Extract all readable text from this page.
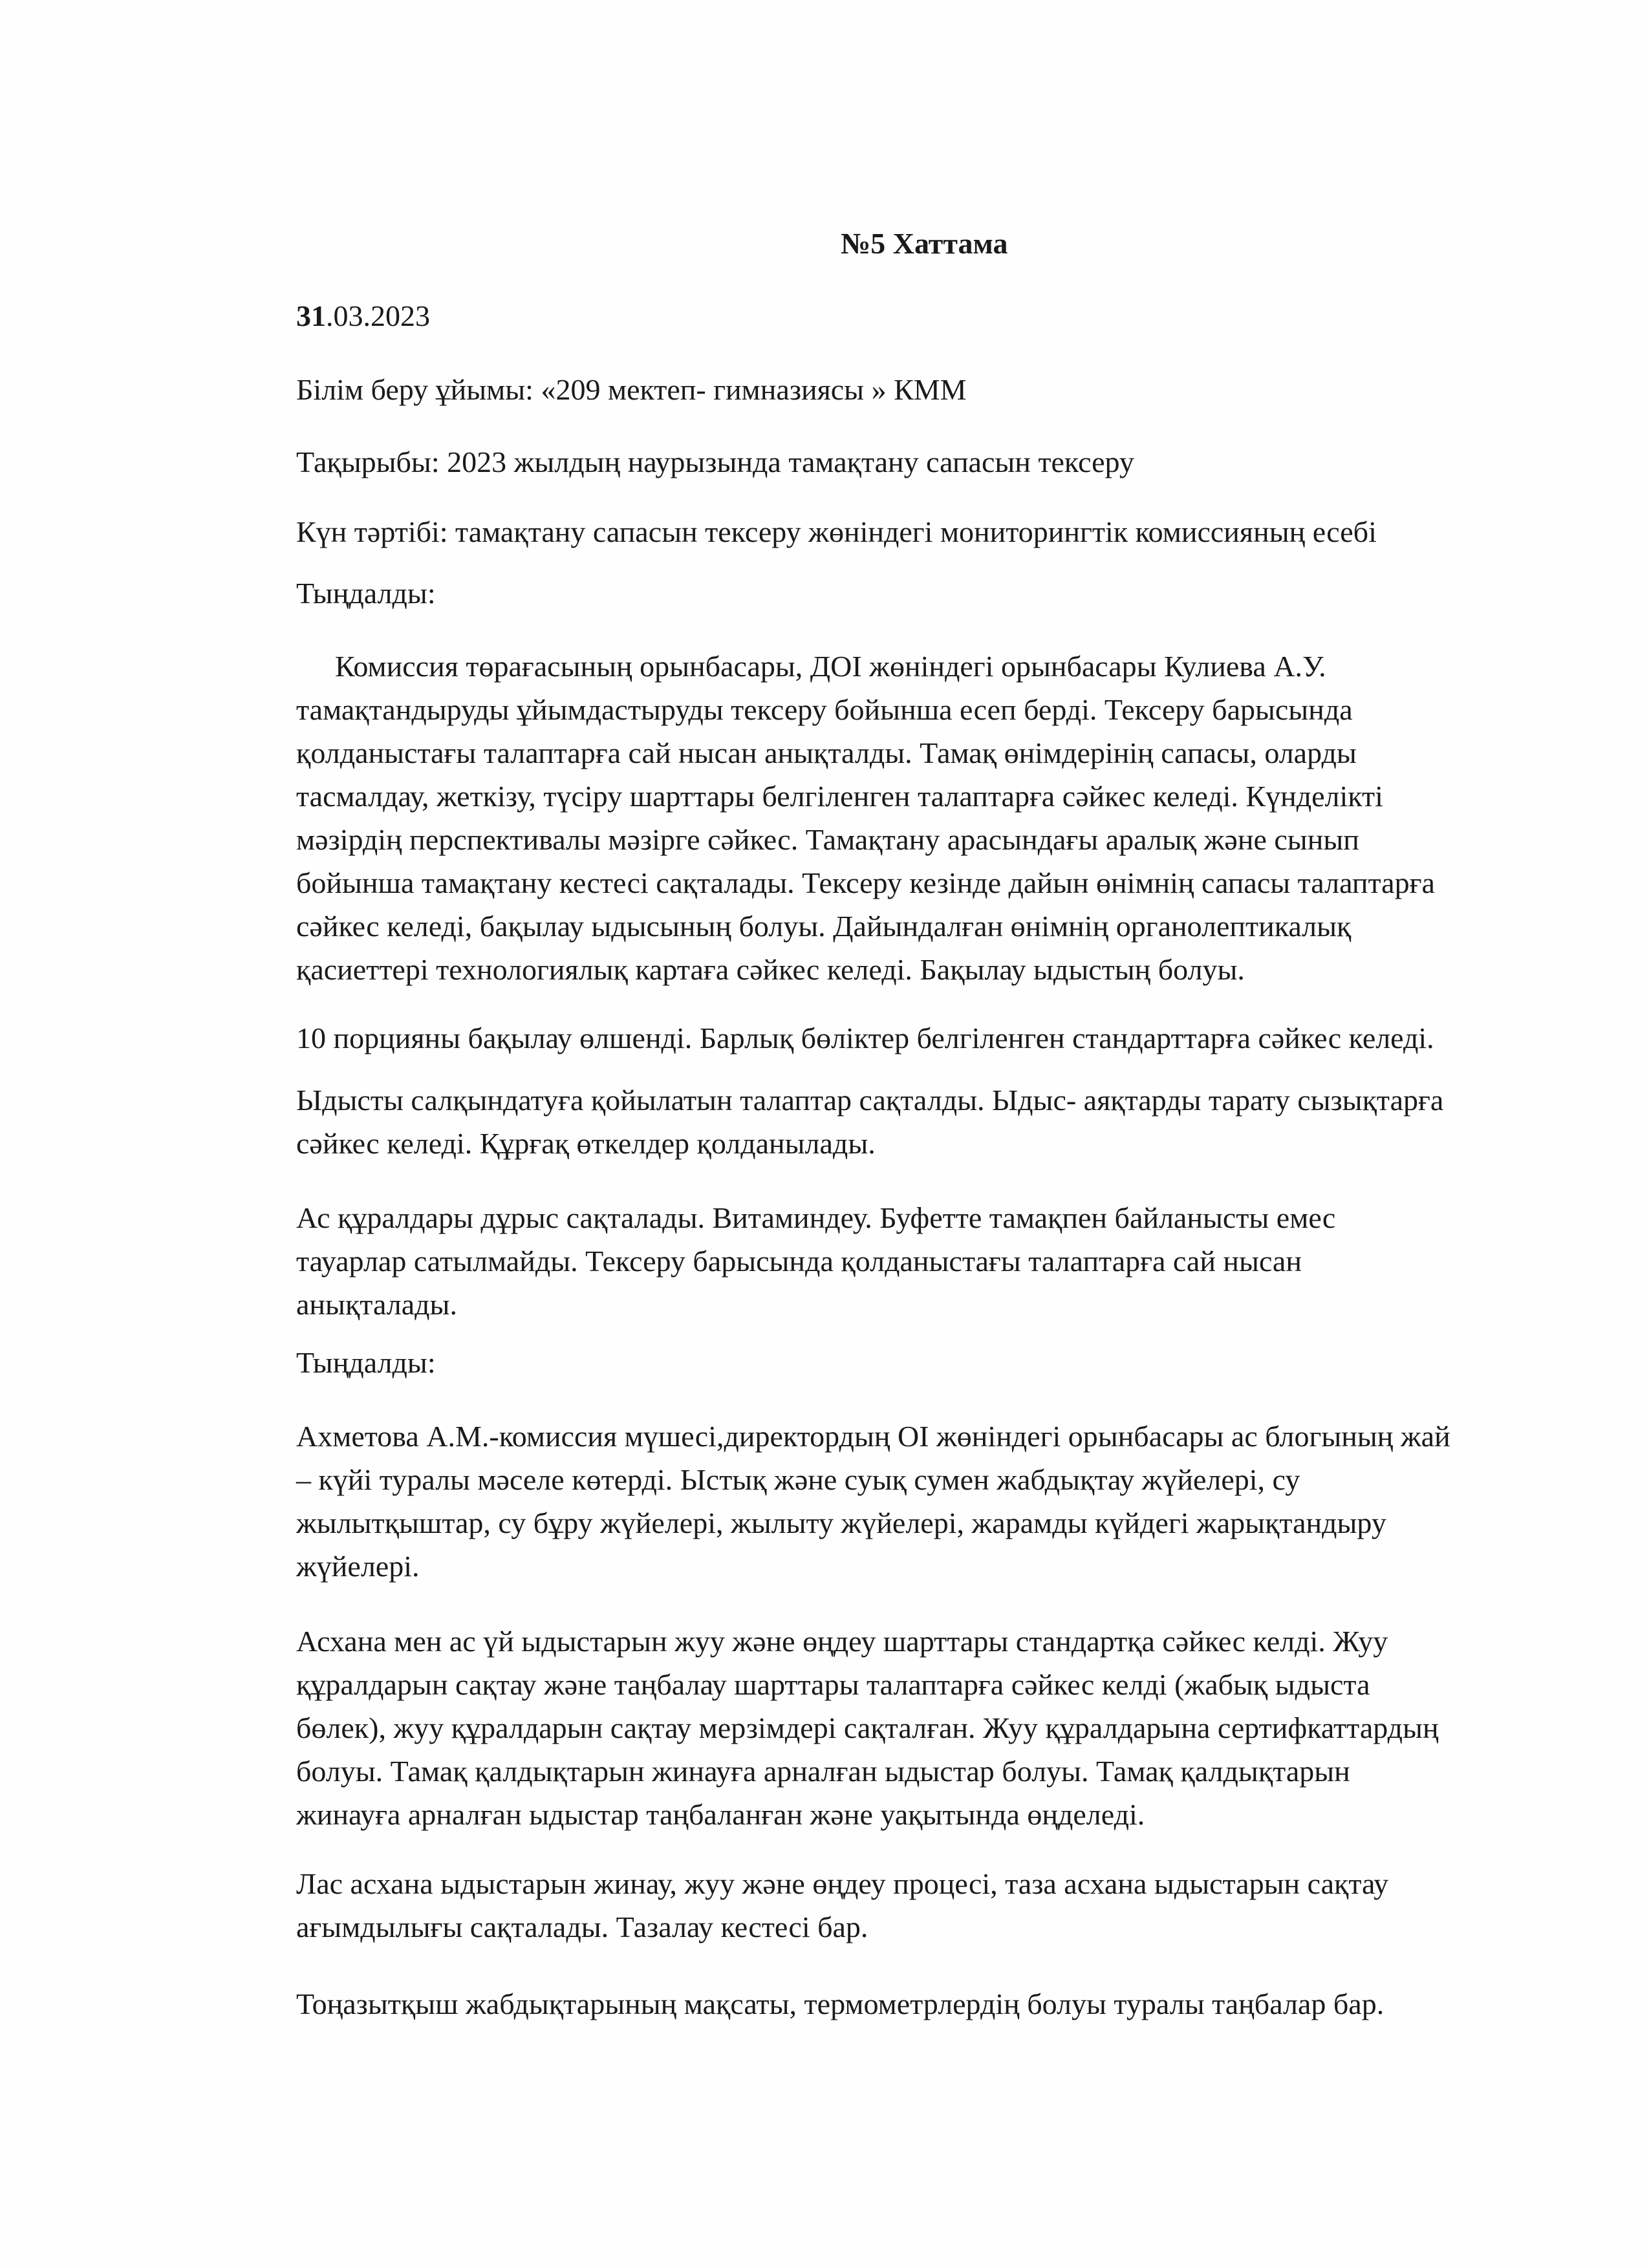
№5 Хаттама
31.03.2023
Білім беру ұйымы: «209 мектеп- гимназиясы » КММ
Тақырыбы: 2023 жылдың наурызында тамақтану сапасын тексеру
Күн тәртібі: тамақтану сапасын тексеру жөніндегі мониторингтік комиссияның есебі
Тыңдалды:
Комиссия төрағасының орынбасары, ДОІ жөніндегі орынбасары Кулиева А.У.
тамақтандыруды ұйымдастыруды тексеру бойынша есеп берді. Тексеру барысында
қолданыстағы талаптарға сай нысан анықталды. Тамақ өнімдерінің сапасы, оларды
тасмалдау, жеткізу, түсіру шарттары белгіленген талаптарға сәйкес келеді. Күнделікті
мәзірдің перспективалы мәзірге сәйкес. Тамақтану арасындағы аралық және сынып
бойынша тамақтану кестесі сақталады. Тексеру кезінде дайын өнімнің сапасы талаптарға
сәйкес келеді, бақылау ыдысының болуы. Дайындалған өнімнің органолептикалық
қасиеттері технологиялық картаға сәйкес келеді. Бақылау ыдыстың болуы.
10 порцияны бақылау өлшенді. Барлық бөліктер белгіленген стандарттарға сәйкес келеді.
Ыдысты салқындатуға қойылатын талаптар сақталды. Ыдыс- аяқтарды тарату сызықтарға
сәйкес келеді. Құрғақ өткелдер қолданылады.
Ас құралдары дұрыс сақталады. Витаминдеу. Буфетте тамақпен байланысты емес
тауарлар сатылмайды. Тексеру барысында қолданыстағы талаптарға сай нысан
анықталады.
Тыңдалды:
Ахметова А.М.-комиссия мүшесі,директордың ОІ жөніндегі орынбасары ас блогының жай
– күйі туралы мәселе көтерді. Ыстық және суық сумен жабдықтау жүйелері, су
жылытқыштар, су бұру жүйелері, жылыту жүйелері, жарамды күйдегі жарықтандыру
жүйелері.
Асхана мен ас үй ыдыстарын жуу және өңдеу шарттары стандартқа сәйкес келді. Жуу
құралдарын сақтау және таңбалау шарттары талаптарға сәйкес келді (жабық ыдыста
бөлек), жуу құралдарын сақтау мерзімдері сақталған. Жуу құралдарына сертифкаттардың
болуы. Тамақ қалдықтарын жинауға арналған ыдыстар болуы. Тамақ қалдықтарын
жинауға арналған ыдыстар таңбаланған және уақытында өңделеді.
Лас асхана ыдыстарын жинау, жуу және өңдеу процесі, таза асхана ыдыстарын сақтау
ағымдылығы сақталады. Тазалау кестесі бар.
Тоңазытқыш жабдықтарының мақсаты, термометрлердің болуы туралы таңбалар бар.
